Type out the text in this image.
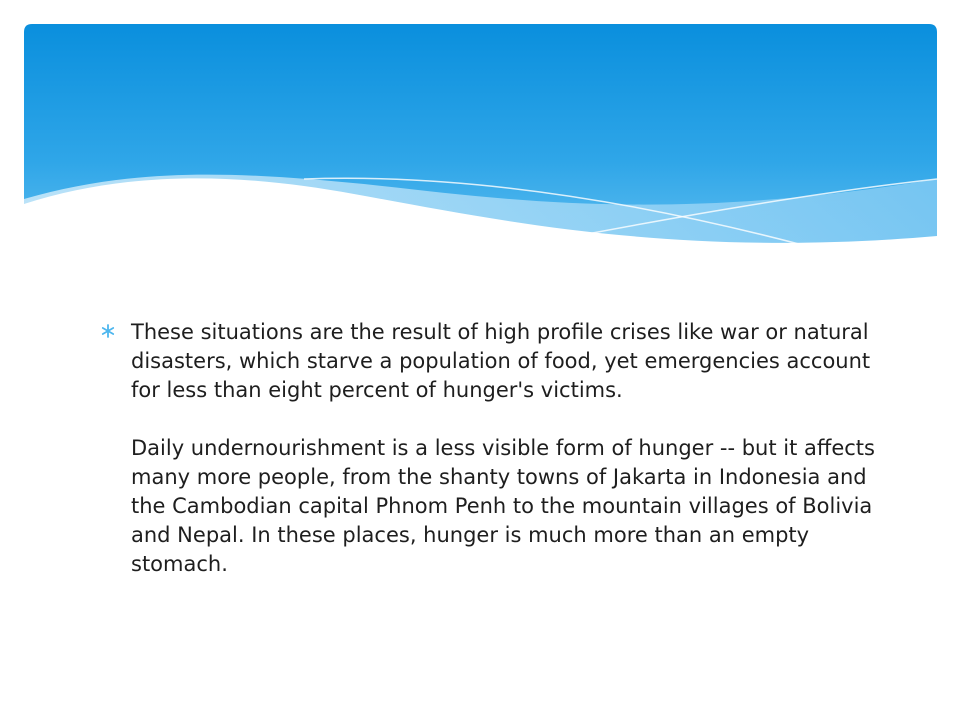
These situations are the result of high profile crises like war or natural disasters, which starve a population of food, yet emergencies account for less than eight percent of hunger's victims.

Daily undernourishment is a less visible form of hunger -- but it affects many more people, from the shanty towns of Jakarta in Indonesia and the Cambodian capital Phnom Penh to the mountain villages of Bolivia and Nepal. In these places, hunger is much more than an empty stomach.
